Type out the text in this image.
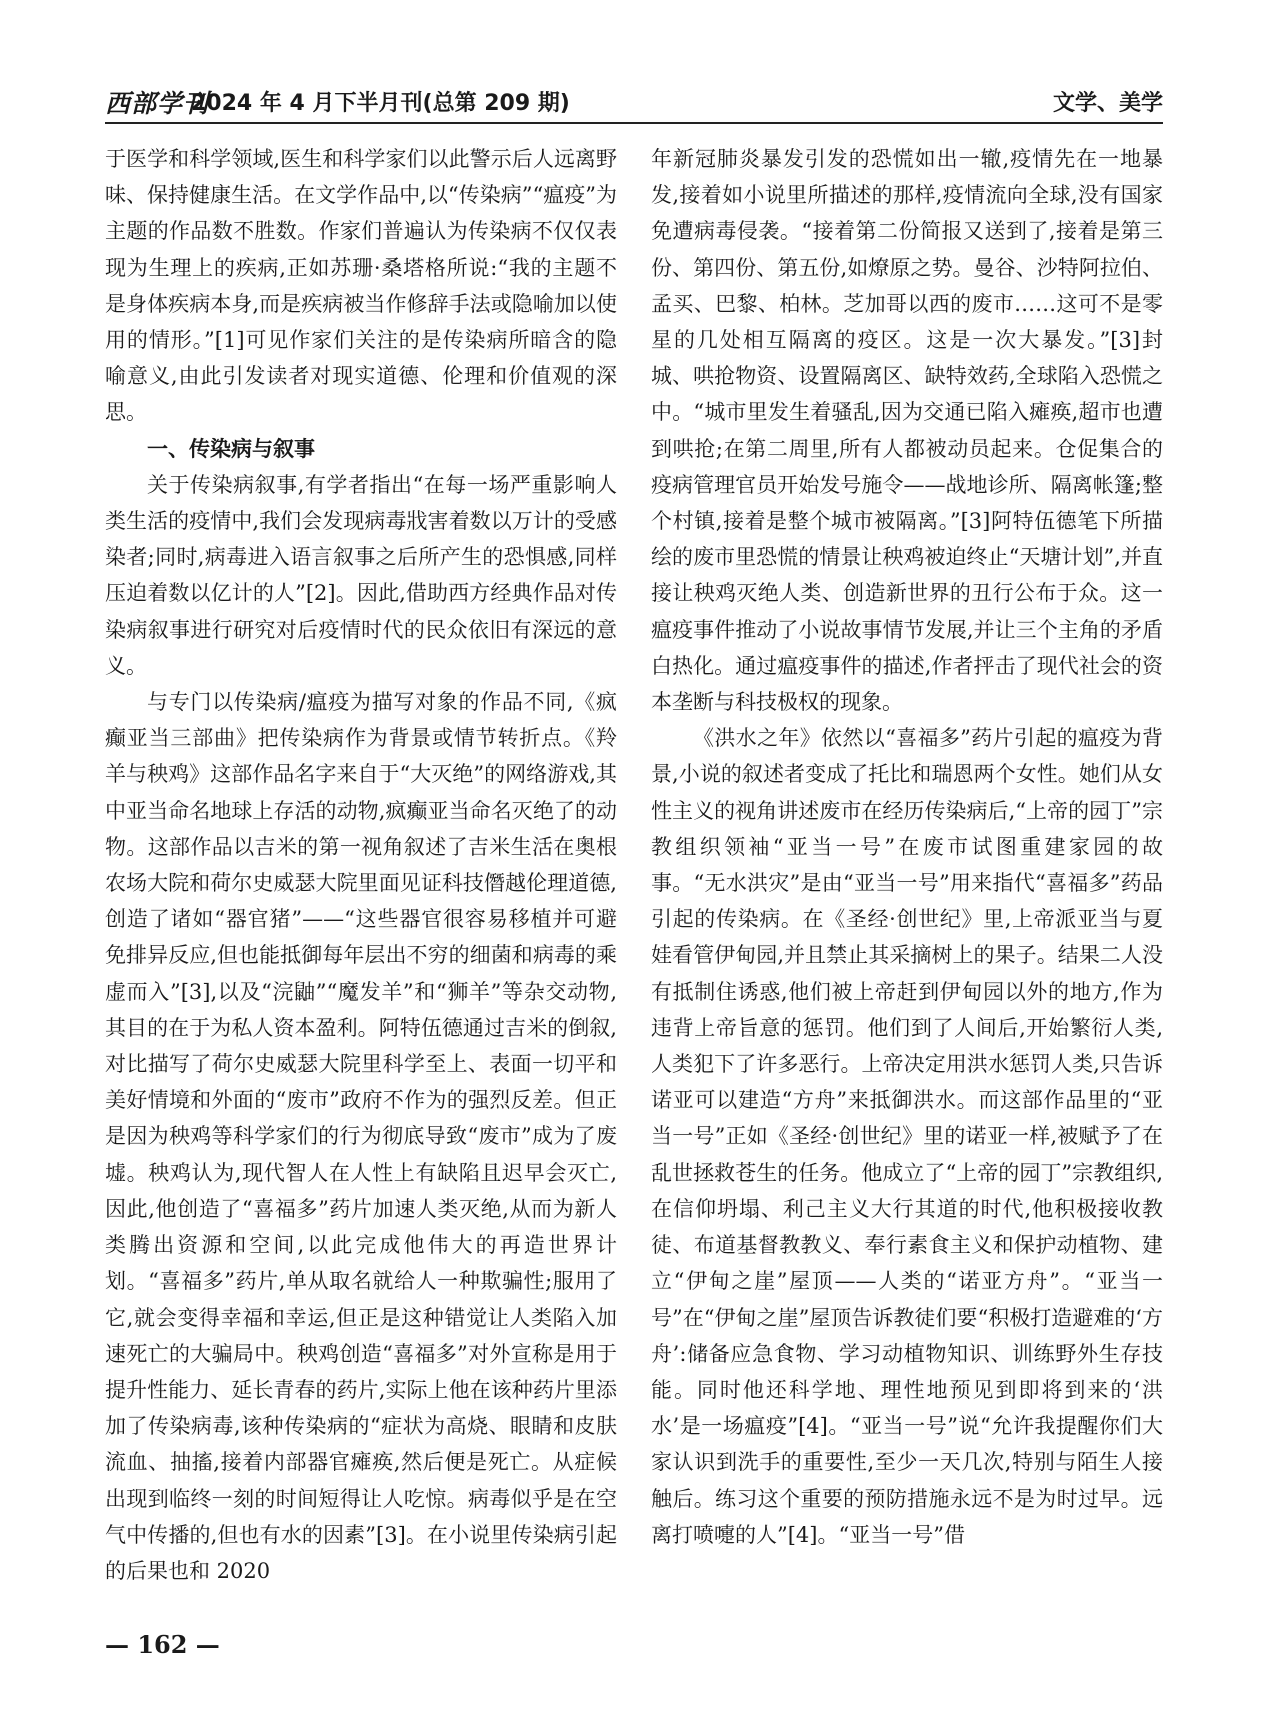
西部学刊
2024 年 4 月下半月刊(总第 209 期)	文学、美学

于医学和科学领域,医生和科学家们以此警示后人远离野味、保持健康生活。在文学作品中,以“传染病”“瘟疫”为主题的作品数不胜数。作家们普遍认为传染病不仅仅表现为生理上的疾病,正如苏珊·桑塔格所说:“我的主题不是身体疾病本身,而是疾病被当作修辞手法或隐喻加以使用的情形。”[1]可见作家们关注的是传染病所暗含的隐喻意义,由此引发读者对现实道德、伦理和价值观的深思。

一、传染病与叙事

关于传染病叙事,有学者指出“在每一场严重影响人类生活的疫情中,我们会发现病毒戕害着数以万计的受感染者;同时,病毒进入语言叙事之后所产生的恐惧感,同样压迫着数以亿计的人”[2]。因此,借助西方经典作品对传染病叙事进行研究对后疫情时代的民众依旧有深远的意义。

与专门以传染病/瘟疫为描写对象的作品不同,《疯癫亚当三部曲》把传染病作为背景或情节转折点。《羚羊与秧鸡》这部作品名字来自于“大灭绝”的网络游戏,其中亚当命名地球上存活的动物,疯癫亚当命名灭绝了的动物。这部作品以吉米的第一视角叙述了吉米生活在奥根农场大院和荷尔史威瑟大院里面见证科技僭越伦理道德,创造了诸如“器官猪”——“这些器官很容易移植并可避免排异反应,但也能抵御每年层出不穷的细菌和病毒的乘虚而入”[3],以及“浣鼬”“魔发羊”和“狮羊”等杂交动物,其目的在于为私人资本盈利。阿特伍德通过吉米的倒叙,对比描写了荷尔史威瑟大院里科学至上、表面一切平和美好情境和外面的“废市”政府不作为的强烈反差。但正是因为秧鸡等科学家们的行为彻底导致“废市”成为了废墟。秧鸡认为,现代智人在人性上有缺陷且迟早会灭亡,因此,他创造了“喜福多”药片加速人类灭绝,从而为新人类腾出资源和空间,以此完成他伟大的再造世界计划。“喜福多”药片,单从取名就给人一种欺骗性;服用了它,就会变得幸福和幸运,但正是这种错觉让人类陷入加速死亡的大骗局中。秧鸡创造“喜福多”对外宣称是用于提升性能力、延长青春的药片,实际上他在该种药片里添加了传染病毒,该种传染病的“症状为高烧、眼睛和皮肤流血、抽搐,接着内部器官瘫痪,然后便是死亡。从症候出现到临终一刻的时间短得让人吃惊。病毒似乎是在空气中传播的,但也有水的因素”[3]。在小说里传染病引起的后果也和 2020

年新冠肺炎暴发引发的恐慌如出一辙,疫情先在一地暴发,接着如小说里所描述的那样,疫情流向全球,没有国家免遭病毒侵袭。“接着第二份简报又送到了,接着是第三份、第四份、第五份,如燎原之势。曼谷、沙特阿拉伯、孟买、巴黎、柏林。芝加哥以西的废市……这可不是零星的几处相互隔离的疫区。这是一次大暴发。”[3]封城、哄抢物资、设置隔离区、缺特效药,全球陷入恐慌之中。“城市里发生着骚乱,因为交通已陷入瘫痪,超市也遭到哄抢;在第二周里,所有人都被动员起来。仓促集合的疫病管理官员开始发号施令——战地诊所、隔离帐篷;整个村镇,接着是整个城市被隔离。”[3]阿特伍德笔下所描绘的废市里恐慌的情景让秧鸡被迫终止“天塘计划”,并直接让秧鸡灭绝人类、创造新世界的丑行公布于众。这一瘟疫事件推动了小说故事情节发展,并让三个主角的矛盾白热化。通过瘟疫事件的描述,作者抨击了现代社会的资本垄断与科技极权的现象。

《洪水之年》依然以“喜福多”药片引起的瘟疫为背景,小说的叙述者变成了托比和瑞恩两个女性。她们从女性主义的视角讲述废市在经历传染病后,“上帝的园丁”宗教组织领袖“亚当一号”在废市试图重建家园的故事。“无水洪灾”是由“亚当一号”用来指代“喜福多”药品引起的传染病。在《圣经·创世纪》里,上帝派亚当与夏娃看管伊甸园,并且禁止其采摘树上的果子。结果二人没有抵制住诱惑,他们被上帝赶到伊甸园以外的地方,作为违背上帝旨意的惩罚。他们到了人间后,开始繁衍人类,人类犯下了许多恶行。上帝决定用洪水惩罚人类,只告诉诺亚可以建造“方舟”来抵御洪水。而这部作品里的“亚当一号”正如《圣经·创世纪》里的诺亚一样,被赋予了在乱世拯救苍生的任务。他成立了“上帝的园丁”宗教组织,在信仰坍塌、利己主义大行其道的时代,他积极接收教徒、布道基督教教义、奉行素食主义和保护动植物、建立“伊甸之崖”屋顶——人类的“诺亚方舟”。“亚当一号”在“伊甸之崖”屋顶告诉教徒们要“积极打造避难的‘方舟’:储备应急食物、学习动植物知识、训练野外生存技能。同时他还科学地、理性地预见到即将到来的‘洪水’是一场瘟疫”[4]。“亚当一号”说“允许我提醒你们大家认识到洗手的重要性,至少一天几次,特别与陌生人接触后。练习这个重要的预防措施永远不是为时过早。远离打喷嚏的人”[4]。“亚当一号”借

— 162 —
